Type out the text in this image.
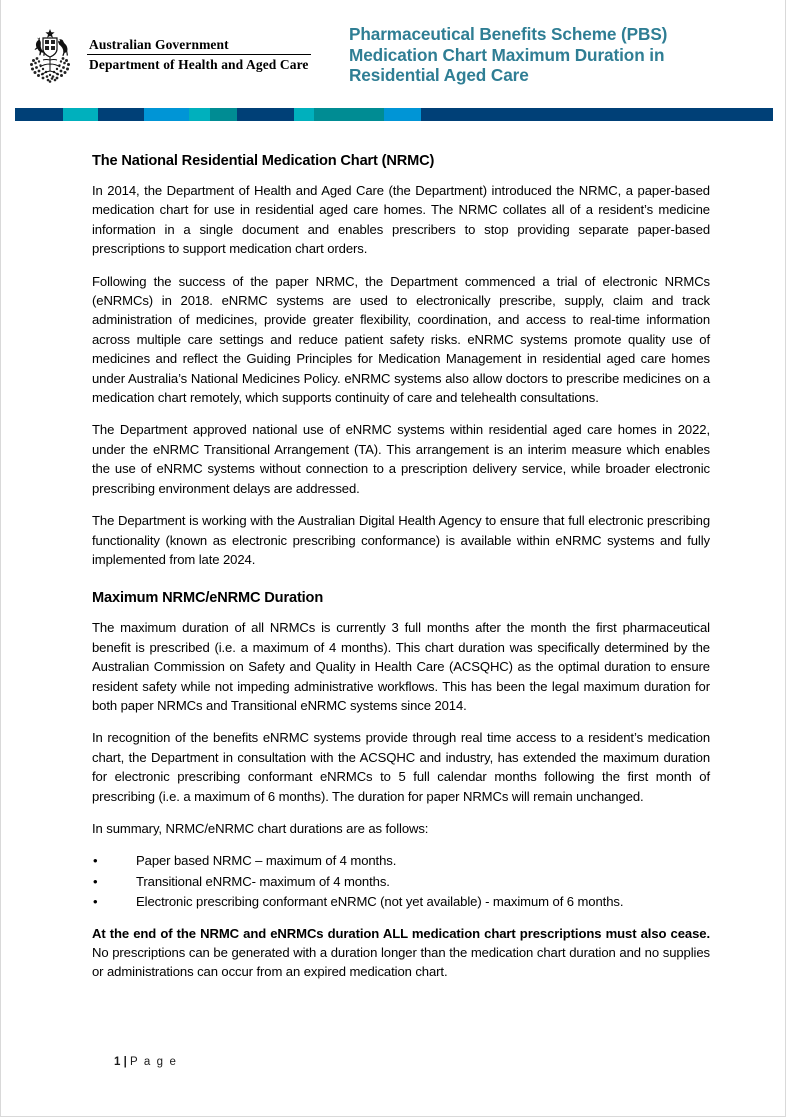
Australian Government
Department of Health and Aged Care
Pharmaceutical Benefits Scheme (PBS)
Medication Chart Maximum Duration in
Residential Aged Care
The National Residential Medication Chart (NRMC)

In 2014, the Department of Health and Aged Care (the Department) introduced the NRMC, a paper-based medication chart for use in residential aged care homes. The NRMC collates all of a resident’s medicine information in a single document and enables prescribers to stop providing separate paper-based prescriptions to support medication chart orders.

Following the success of the paper NRMC, the Department commenced a trial of electronic NRMCs (eNRMCs) in 2018. eNRMC systems are used to electronically prescribe, supply, claim and track administration of medicines, provide greater flexibility, coordination, and access to real-time information across multiple care settings and reduce patient safety risks. eNRMC systems promote quality use of medicines and reflect the Guiding Principles for Medication Management in residential aged care homes under Australia’s National Medicines Policy. eNRMC systems also allow doctors to prescribe medicines on a medication chart remotely, which supports continuity of care and telehealth consultations.

The Department approved national use of eNRMC systems within residential aged care homes in 2022, under the eNRMC Transitional Arrangement (TA). This arrangement is an interim measure which enables the use of eNRMC systems without connection to a prescription delivery service, while broader electronic prescribing environment delays are addressed.

The Department is working with the Australian Digital Health Agency to ensure that full electronic prescribing functionality (known as electronic prescribing conformance) is available within eNRMC systems and fully implemented from late 2024.

Maximum NRMC/eNRMC Duration

The maximum duration of all NRMCs is currently 3 full months after the month the first pharmaceutical benefit is prescribed (i.e. a maximum of 4 months). This chart duration was specifically determined by the Australian Commission on Safety and Quality in Health Care (ACSQHC) as the optimal duration to ensure resident safety while not impeding administrative workflows. This has been the legal maximum duration for both paper NRMCs and Transitional eNRMC systems since 2014.

In recognition of the benefits eNRMC systems provide through real time access to a resident’s medication chart, the Department in consultation with the ACSQHC and industry, has extended the maximum duration for electronic prescribing conformant eNRMCs to 5 full calendar months following the first month of prescribing (i.e. a maximum of 6 months). The duration for paper NRMCs will remain unchanged.

In summary, NRMC/eNRMC chart durations are as follows:

•	Paper based NRMC – maximum of 4 months.
•	Transitional eNRMC- maximum of 4 months.
•	Electronic prescribing conformant eNRMC (not yet available) - maximum of 6 months.

At the end of the NRMC and eNRMCs duration ALL medication chart prescriptions must also cease. No prescriptions can be generated with a duration longer than the medication chart duration and no supplies or administrations can occur from an expired medication chart.

1 | P a g e
